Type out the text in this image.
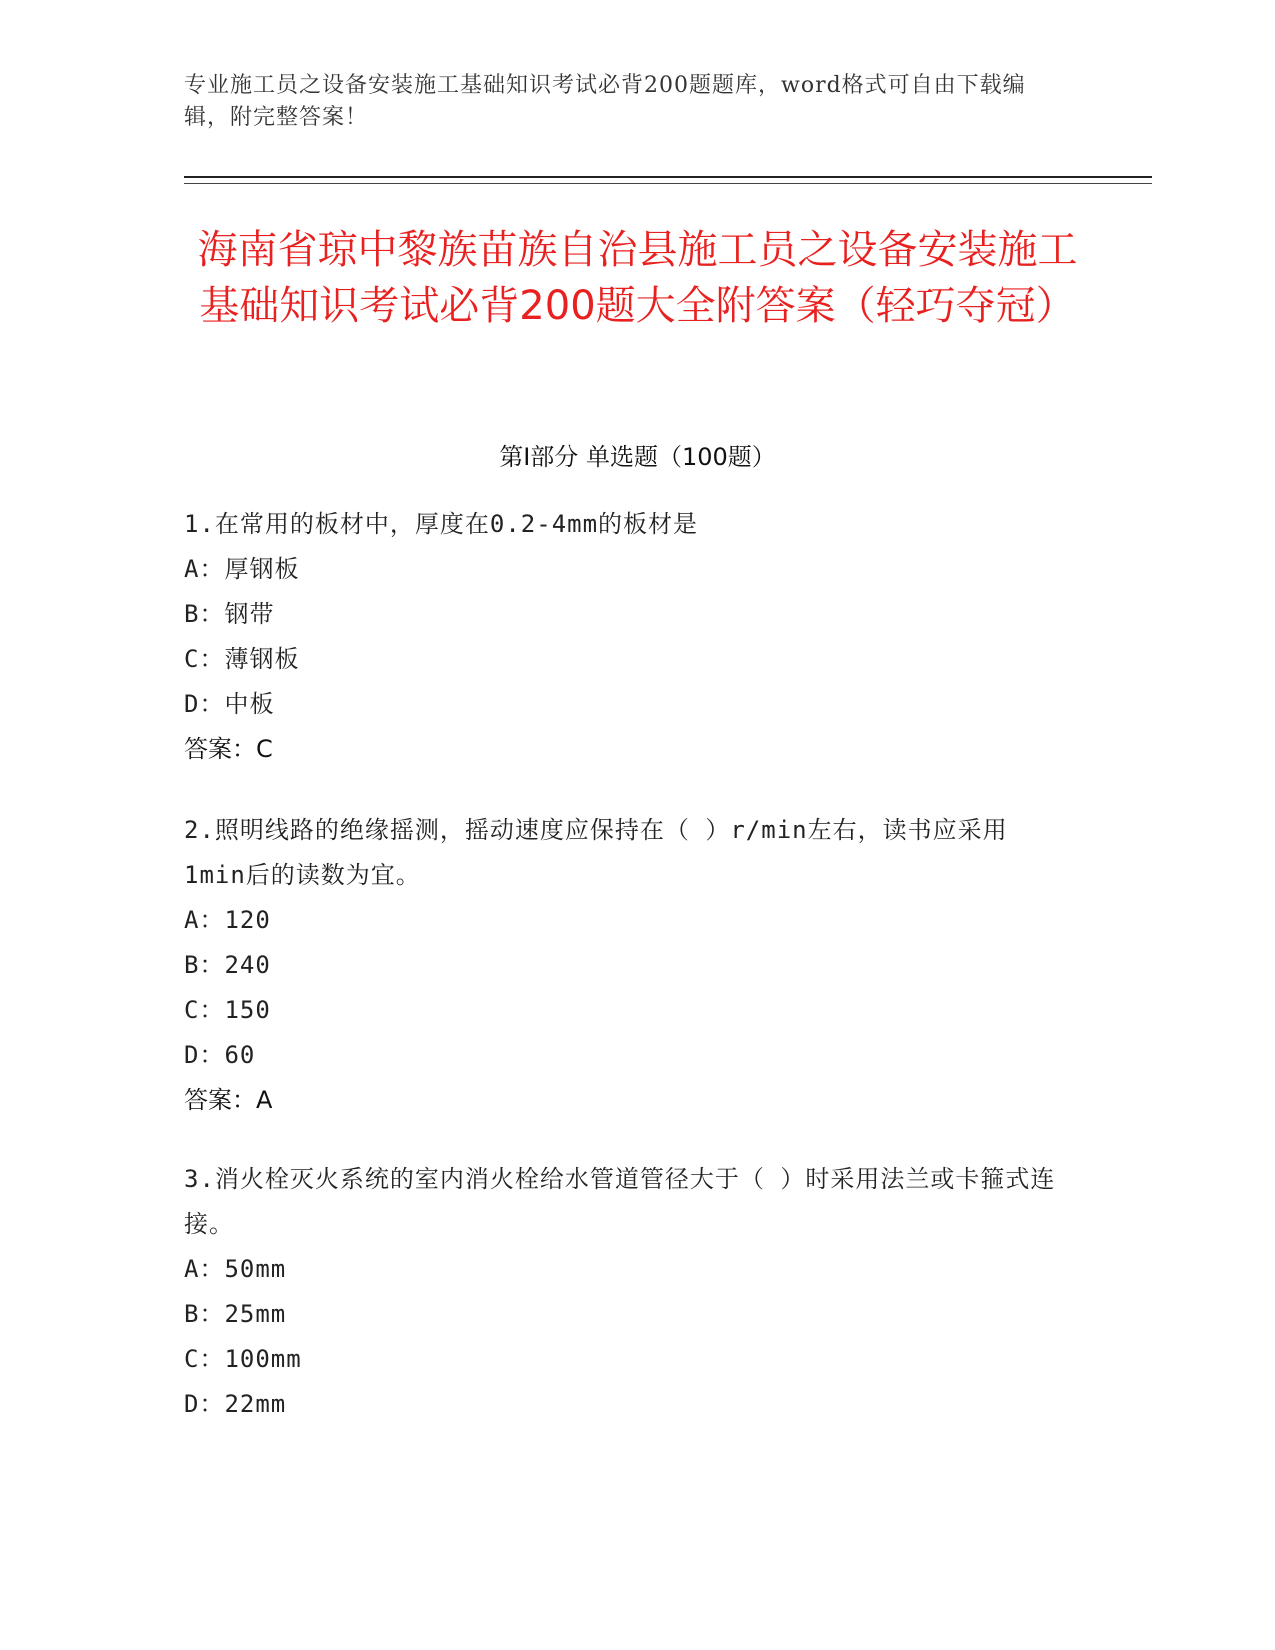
专业施工员之设备安装施工基础知识考试必背200题题库，word格式可自由下载编辑，附完整答案！
海南省琼中黎族苗族自治县施工员之设备安装施工基础知识考试必背200题大全附答案（轻巧夺冠）
第Ⅰ部分 单选题（100题）
1.在常用的板材中，厚度在0.2-4mm的板材是
A：厚钢板
B：钢带
C：薄钢板
D：中板
答案：C
2.照明线路的绝缘摇测，摇动速度应保持在（ ）r/min左右，读书应采用1min后的读数为宜。
A：120
B：240
C：150
D：60
答案：A
3.消火栓灭火系统的室内消火栓给水管道管径大于（ ）时采用法兰或卡箍式连接。
A：50mm
B：25mm
C：100mm
D：22mm
